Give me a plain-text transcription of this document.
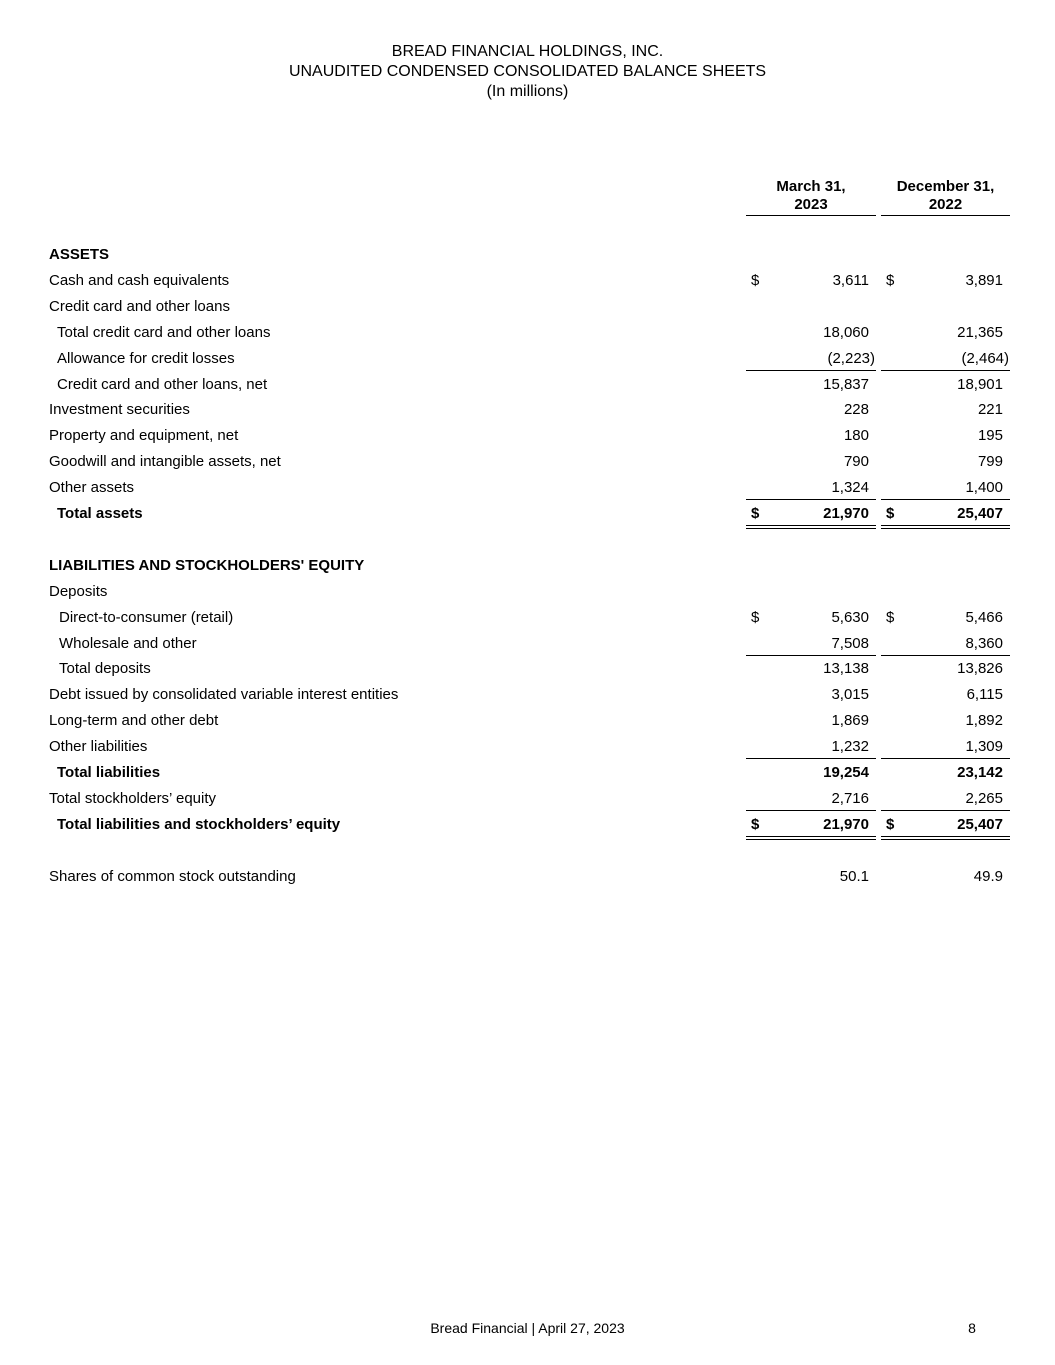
BREAD FINANCIAL HOLDINGS, INC.
UNAUDITED CONDENSED CONSOLIDATED BALANCE SHEETS
(In millions)
March 31,
2023
December 31,
2022
ASSETS
Cash and cash equivalents	3,611	3,891
$	$
Credit card and other loans
Total credit card and other loans	18,060	21,365
Allowance for credit losses	(2,223)	(2,464)
Credit card and other loans, net	15,837	18,901
Investment securities	228	221
Property and equipment, net	180	195
Goodwill and intangible assets, net	790	799
Other assets	1,324	1,400
Total assets	21,970	25,407
$	$
LIABILITIES AND STOCKHOLDERS' EQUITY
Deposits
Direct-to-consumer (retail)	5,630	5,466
$	$
Wholesale and other	7,508	8,360
Total deposits	13,138	13,826
Debt issued by consolidated variable interest entities	3,015	6,115
Long-term and other debt	1,869	1,892
Other liabilities	1,232	1,309
Total liabilities	19,254	23,142
Total stockholders’ equity	2,716	2,265
Total liabilities and stockholders’ equity	21,970	25,407
$	$
Shares of common stock outstanding	50.1	49.9
Bread Financial | April 27, 2023	8
